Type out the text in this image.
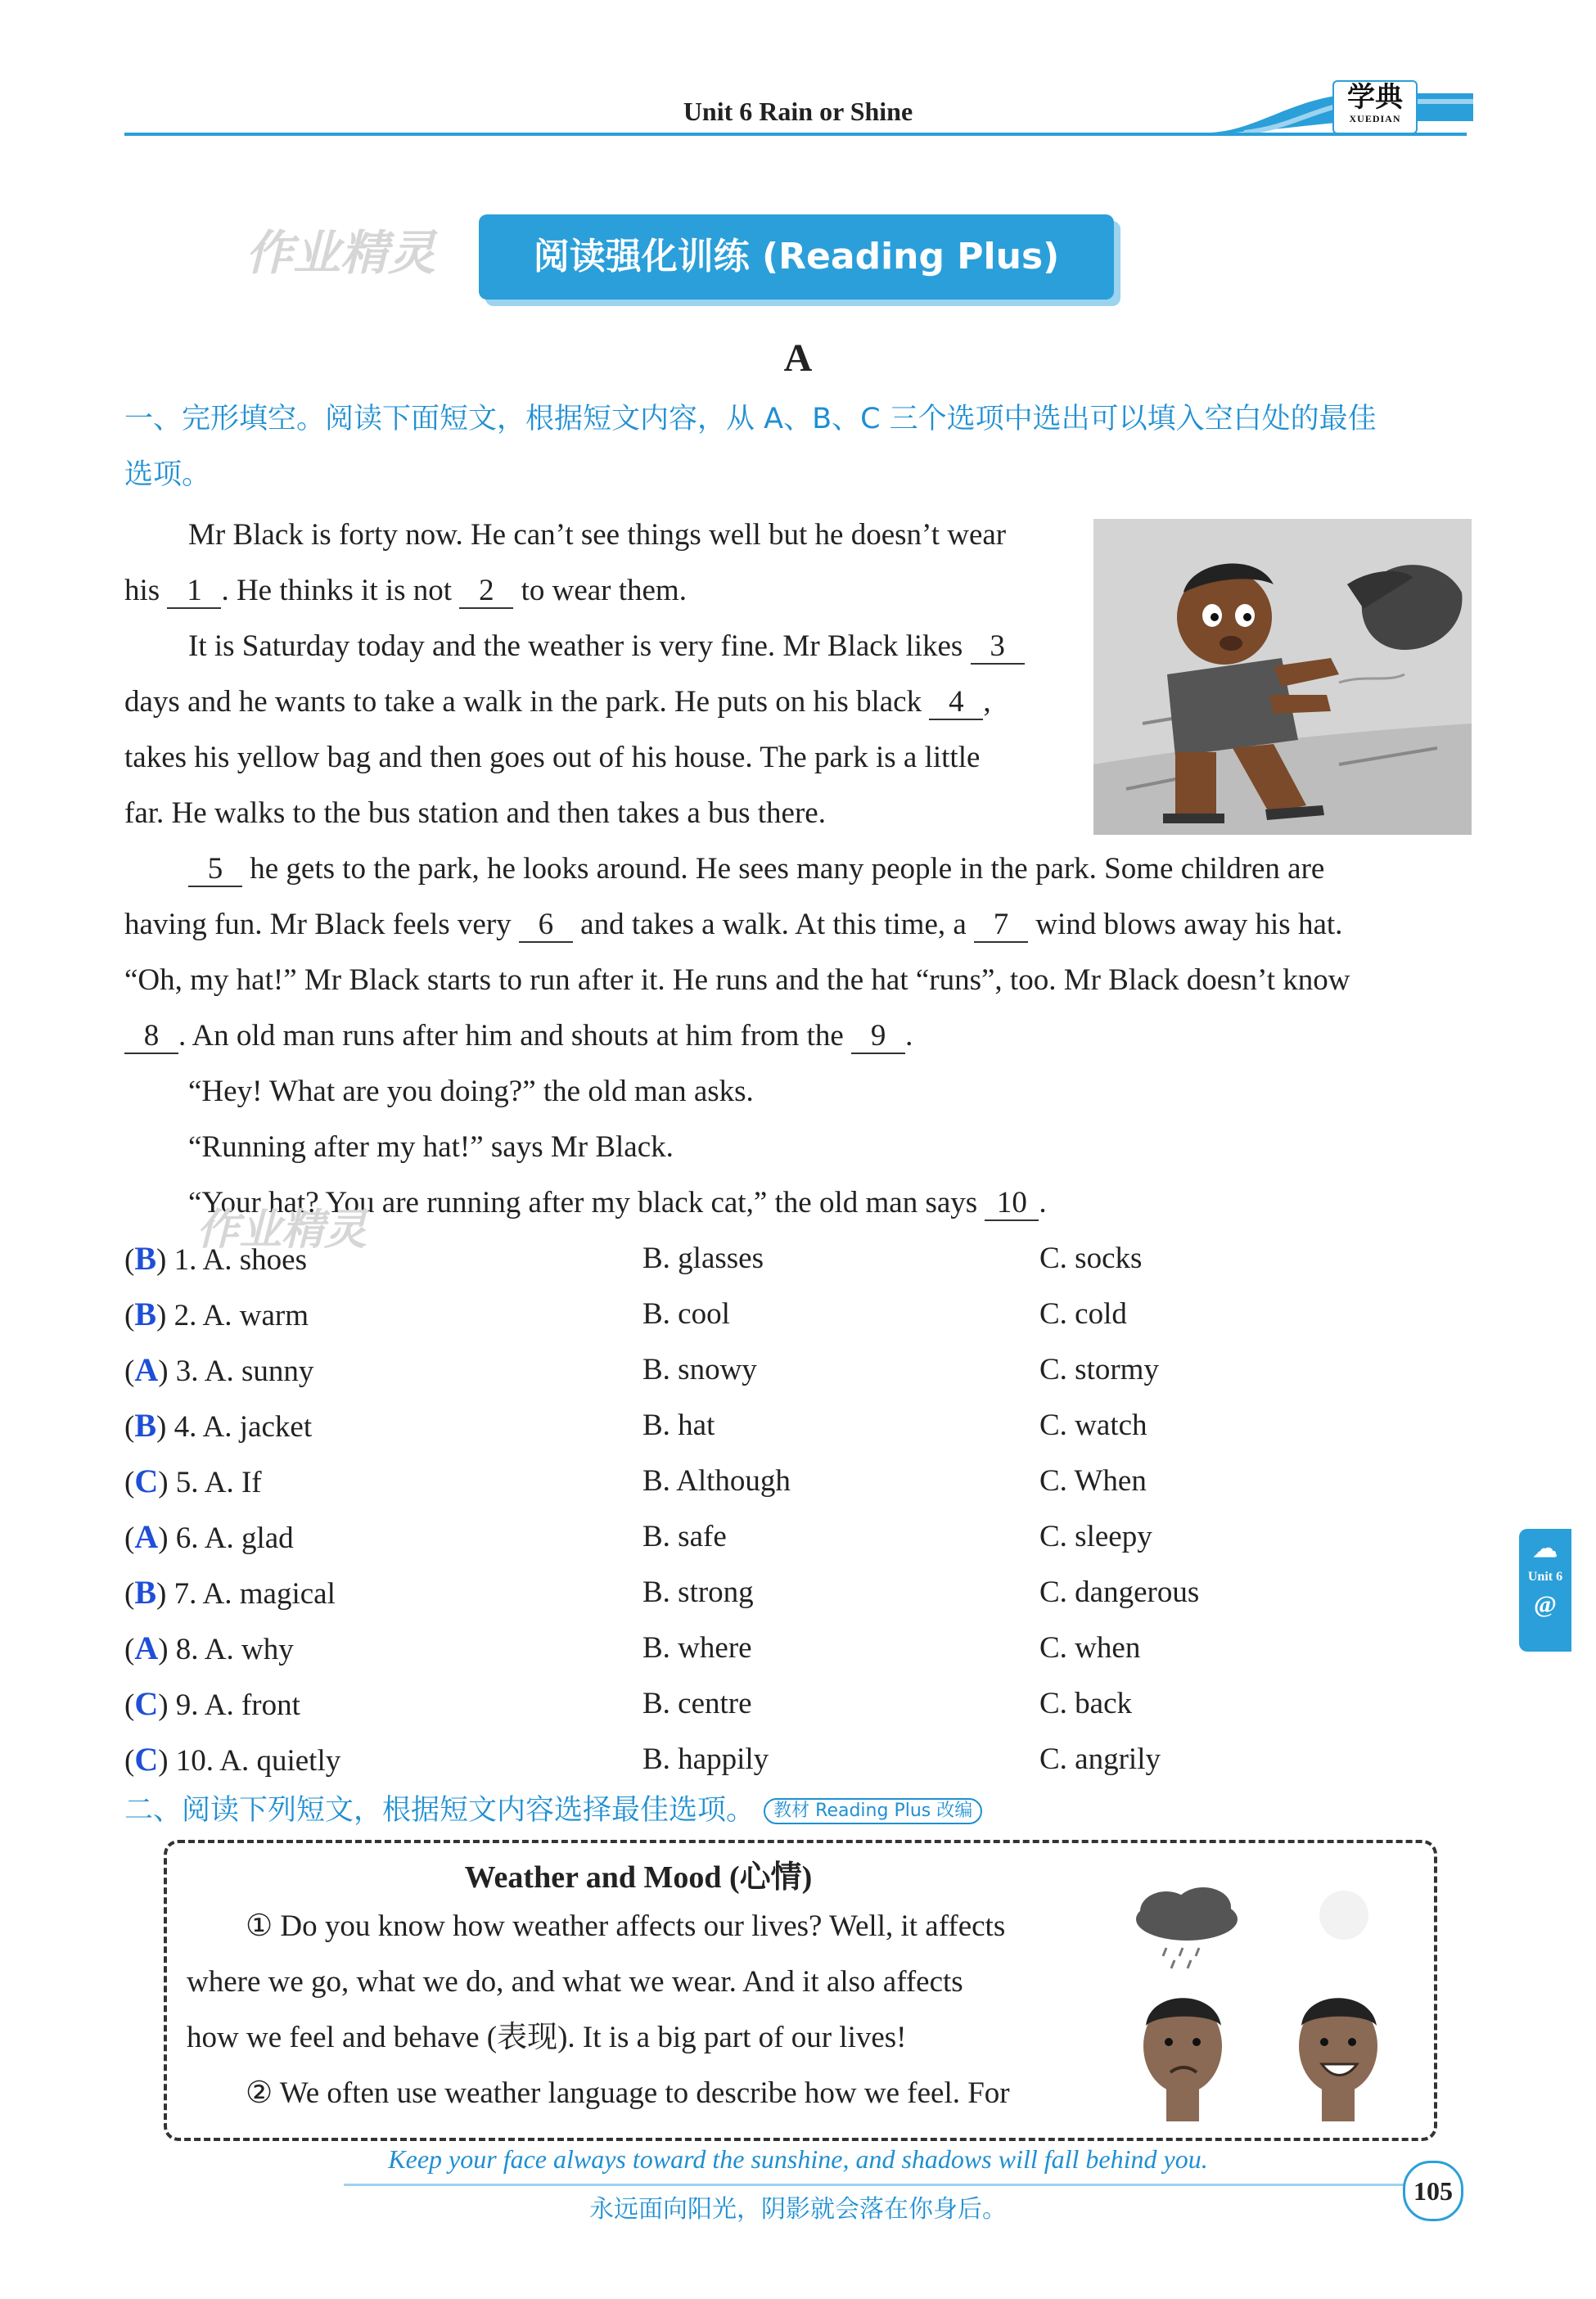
Unit 6 Rain or Shine	学典
XUEDIAN
作业精灵	阅读强化训练 (Reading Plus)
A
一、完形填空。阅读下面短文，根据短文内容，从 A、B、C 三个选项中选出可以填入空白处的最佳
选项。
Mr Black is forty now. He can’t see things well but he doesn’t wear
his 1 . He thinks it is not 2 to wear them.
It is Saturday today and the weather is very fine. Mr Black likes 3
days and he wants to take a walk in the park. He puts on his black 4 ,
takes his yellow bag and then goes out of his house. The park is a little
far. He walks to the bus station and then takes a bus there.
5 he gets to the park, he looks around. He sees many people in the park. Some children are
having fun. Mr Black feels very 6 and takes a walk. At this time, a 7 wind blows away his hat.
“Oh, my hat!” Mr Black starts to run after it. He runs and the hat “runs”, too. Mr Black doesn’t know
8 . An old man runs after him and shouts at him from the 9 .
“Hey! What are you doing?” the old man asks.
“Running after my hat!” says Mr Black.
“Your hat? You are running after my black cat,” the old man says 10 .
作业精灵
(B) 1. A. shoes	B. glasses	C. socks
(B) 2. A. warm	B. cool	C. cold
(A) 3. A. sunny	B. snowy	C. stormy
(B) 4. A. jacket	B. hat	C. watch
(C) 5. A. If	B. Although	C. When
(A) 6. A. glad	B. safe	C. sleepy
(B) 7. A. magical	B. strong	C. dangerous
(A) 8. A. why	B. where	C. when
(C) 9. A. front	B. centre	C. back
(C) 10. A. quietly	B. happily	C. angrily
二、阅读下列短文，根据短文内容选择最佳选项。 教材 Reading Plus 改编
Weather and Mood (心情)
① Do you know how weather affects our lives? Well, it affects
where we go, what we do, and what we wear. And it also affects
how we feel and behave (表现). It is a big part of our lives!
② We often use weather language to describe how we feel. For
☁
Unit 6
@
Keep your face always toward the sunshine, and shadows will fall behind you.
永远面向阳光，阴影就会落在你身后。
105
